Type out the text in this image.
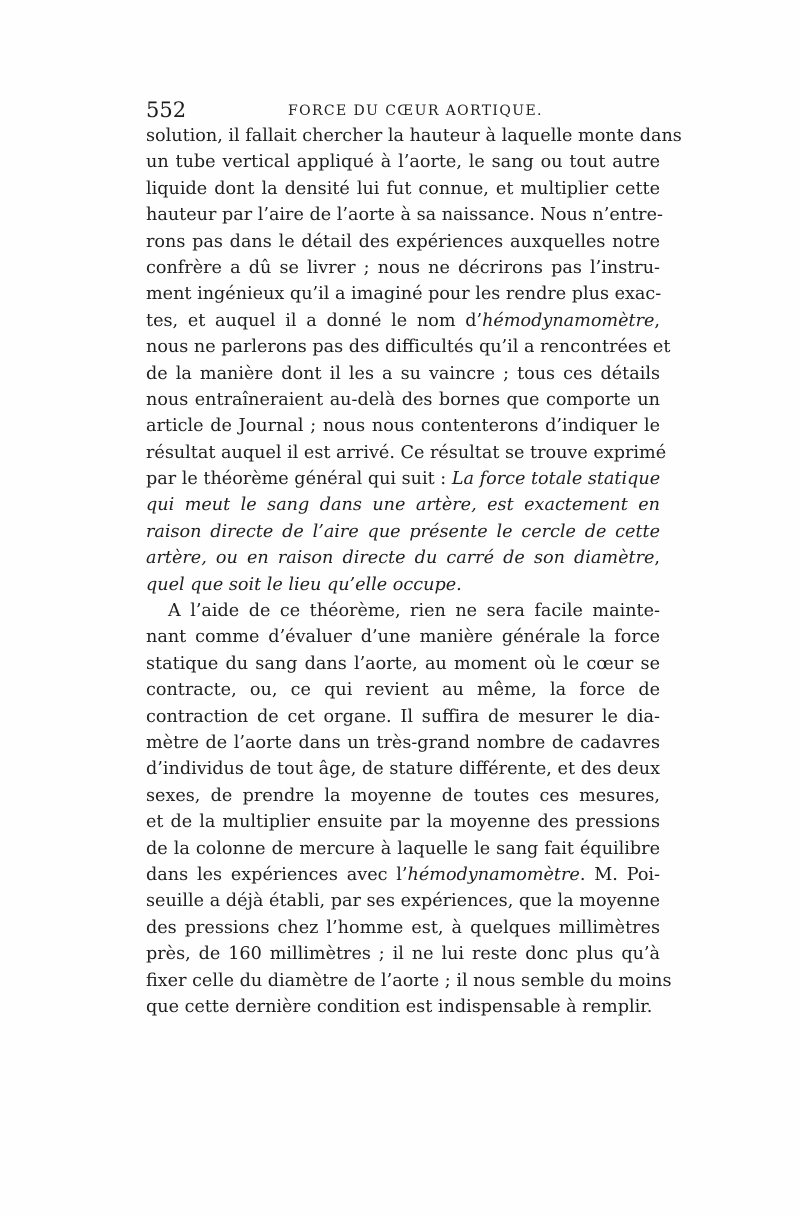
552	FORCE DU CŒUR AORTIQUE.
solution, il fallait chercher la hauteur à laquelle monte dans
un tube vertical appliqué à l’aorte, le sang ou tout autre
liquide dont la densité lui fut connue, et multiplier cette
hauteur par l’aire de l’aorte à sa naissance. Nous n’entre-
rons pas dans le détail des expériences auxquelles notre
confrère a dû se livrer ; nous ne décrirons pas l’instru-
ment ingénieux qu’il a imaginé pour les rendre plus exac-
tes, et auquel il a donné le nom d’hémodynamomètre,
nous ne parlerons pas des difficultés qu’il a rencontrées et
de la manière dont il les a su vaincre ; tous ces détails
nous entraîneraient au-delà des bornes que comporte un
article de Journal ; nous nous contenterons d’indiquer le
résultat auquel il est arrivé. Ce résultat se trouve exprimé
par le théorème général qui suit : La force totale statique
qui meut le sang dans une artère, est exactement en
raison directe de l’aire que présente le cercle de cette
artère, ou en raison directe du carré de son diamètre,
quel que soit le lieu qu’elle occupe.
A l’aide de ce théorème, rien ne sera facile mainte-
nant comme d’évaluer d’une manière générale la force
statique du sang dans l’aorte, au moment où le cœur se
contracte, ou, ce qui revient au même, la force de
contraction de cet organe. Il suffira de mesurer le dia-
mètre de l’aorte dans un très-grand nombre de cadavres
d’individus de tout âge, de stature différente, et des deux
sexes, de prendre la moyenne de toutes ces mesures,
et de la multiplier ensuite par la moyenne des pressions
de la colonne de mercure à laquelle le sang fait équilibre
dans les expériences avec l’hémodynamomètre. M. Poi-
seuille a déjà établi, par ses expériences, que la moyenne
des pressions chez l’homme est, à quelques millimètres
près, de 160 millimètres ; il ne lui reste donc plus qu’à
fixer celle du diamètre de l’aorte ; il nous semble du moins
que cette dernière condition est indispensable à remplir.
